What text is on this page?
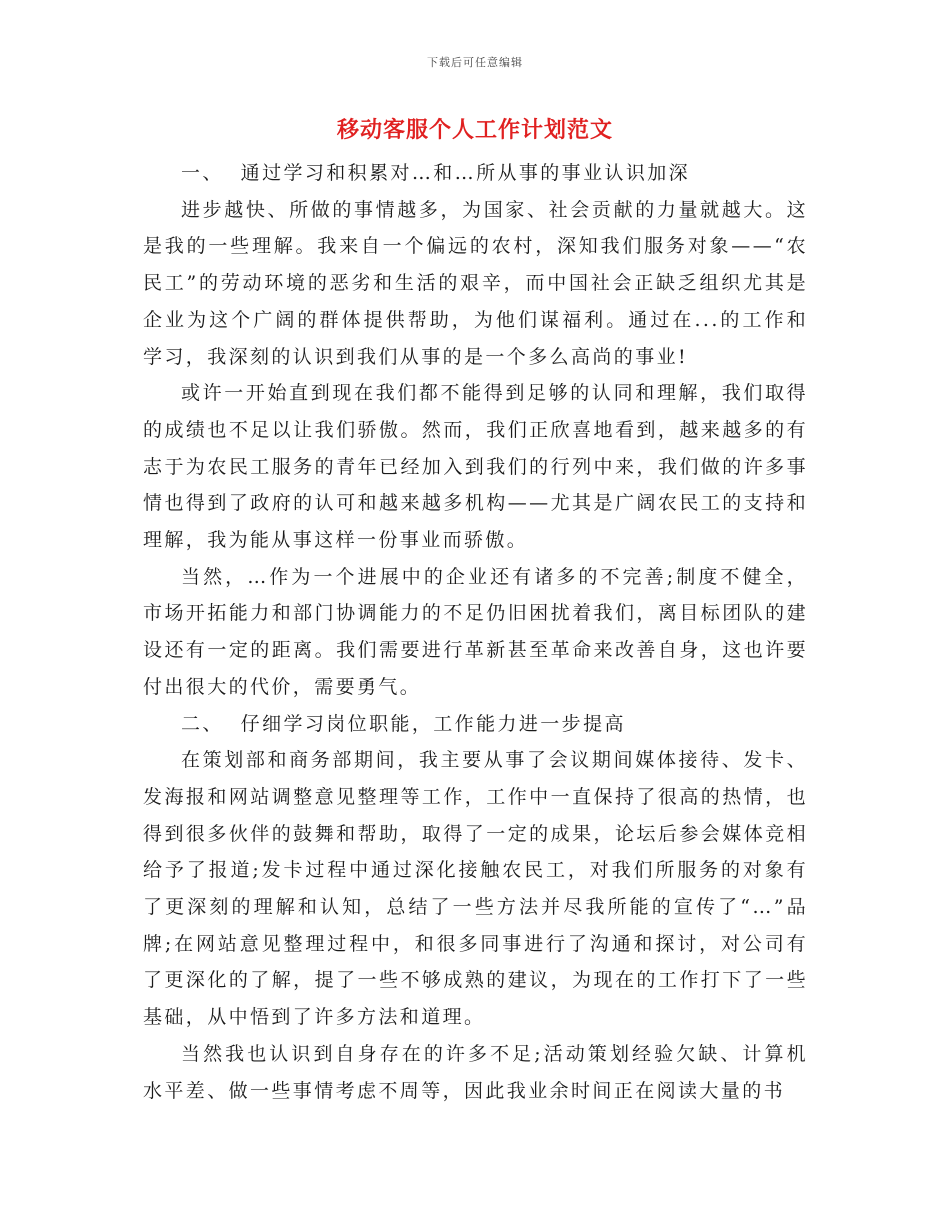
下载后可任意编辑
移动客服个人工作计划范文

一、  通过学习和积累对…和…所从事的事业认识加深

进步越快、所做的事情越多，为国家、社会贡献的力量就越大。这是我的一些理解。我来自一个偏远的农村，深知我们服务对象——“农民工”的劳动环境的恶劣和生活的艰辛，而中国社会正缺乏组织尤其是企业为这个广阔的群体提供帮助，为他们谋福利。通过在...的工作和学习，我深刻的认识到我们从事的是一个多么高尚的事业!

或许一开始直到现在我们都不能得到足够的认同和理解，我们取得的成绩也不足以让我们骄傲。然而，我们正欣喜地看到，越来越多的有志于为农民工服务的青年已经加入到我们的行列中来，我们做的许多事情也得到了政府的认可和越来越多机构——尤其是广阔农民工的支持和理解，我为能从事这样一份事业而骄傲。

当然，…作为一个进展中的企业还有诸多的不完善;制度不健全，市场开拓能力和部门协调能力的不足仍旧困扰着我们，离目标团队的建设还有一定的距离。我们需要进行革新甚至革命来改善自身，这也许要付出很大的代价，需要勇气。

二、  仔细学习岗位职能，工作能力进一步提高

在策划部和商务部期间，我主要从事了会议期间媒体接待、发卡、发海报和网站调整意见整理等工作，工作中一直保持了很高的热情，也得到很多伙伴的鼓舞和帮助，取得了一定的成果，论坛后参会媒体竞相给予了报道;发卡过程中通过深化接触农民工，对我们所服务的对象有了更深刻的理解和认知，总结了一些方法并尽我所能的宣传了“…”品牌;在网站意见整理过程中，和很多同事进行了沟通和探讨，对公司有了更深化的了解，提了一些不够成熟的建议，为现在的工作打下了一些基础，从中悟到了许多方法和道理。

当然我也认识到自身存在的许多不足;活动策划经验欠缺、计算机水平差、做一些事情考虑不周等，因此我业余时间正在阅读大量的书
